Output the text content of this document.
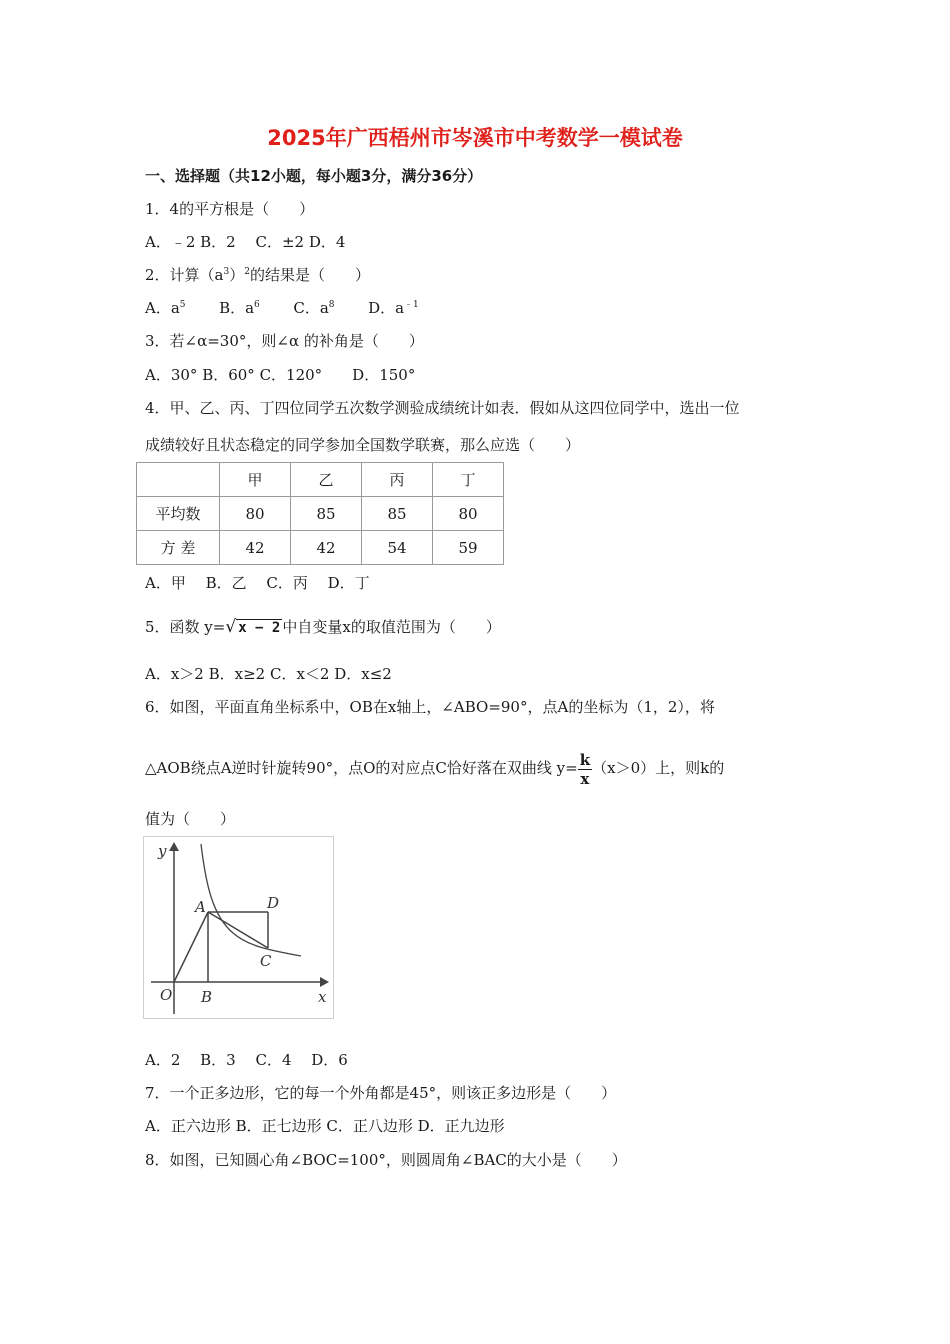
2025年广西梧州市岑溪市中考数学一模试卷
一、选择题（共12小题，每小题3分，满分36分）
1．4的平方根是（　　）
A．﹣2 B．2　 C．±2 D．4
2．计算$(a^3)^2$的结果是（　　）
A．$a^5$ B．$a^6$ C．$a^8$ D．$a^{﹣1}$
3．若∠α=30°，则∠α 的补角是（　　）
A．30° B．60° C．120°　　D．150°
4．甲、乙、丙、丁四位同学五次数学测验成绩统计如表．假如从这四位同学中，选出一位
成绩较好且状态稳定的同学参加全国数学联赛，那么应选（　　）
	甲	乙	丙	丁
平均数	80	85	85	80
方 差	42	42	54	59
A．甲　 B．乙　 C．丙　 D．丁
5．函数 y=√ x − 2 中自变量x的取值范围为（　　）
A．x＞2 B．x≥2 C．x＜2 D．x≤2
6．如图，平面直角坐标系中，OB在x轴上，∠ABO=90°，点A的坐标为（1，2），将
△AOB绕点A逆时针旋转90°，点O的对应点C恰好落在双曲线 $y= \frac{k}{x} (x>0)$上，则k的
值为（　　）
y
x
O
A
B
C
D
A．2　 B．3　 C．4　 D．6
7．一个正多边形，它的每一个外角都是45°，则该正多边形是（　　）
A．正六边形 B．正七边形 C．正八边形 D．正九边形
8．如图，已知圆心角∠BOC=100°，则圆周角∠BAC的大小是（　　）
